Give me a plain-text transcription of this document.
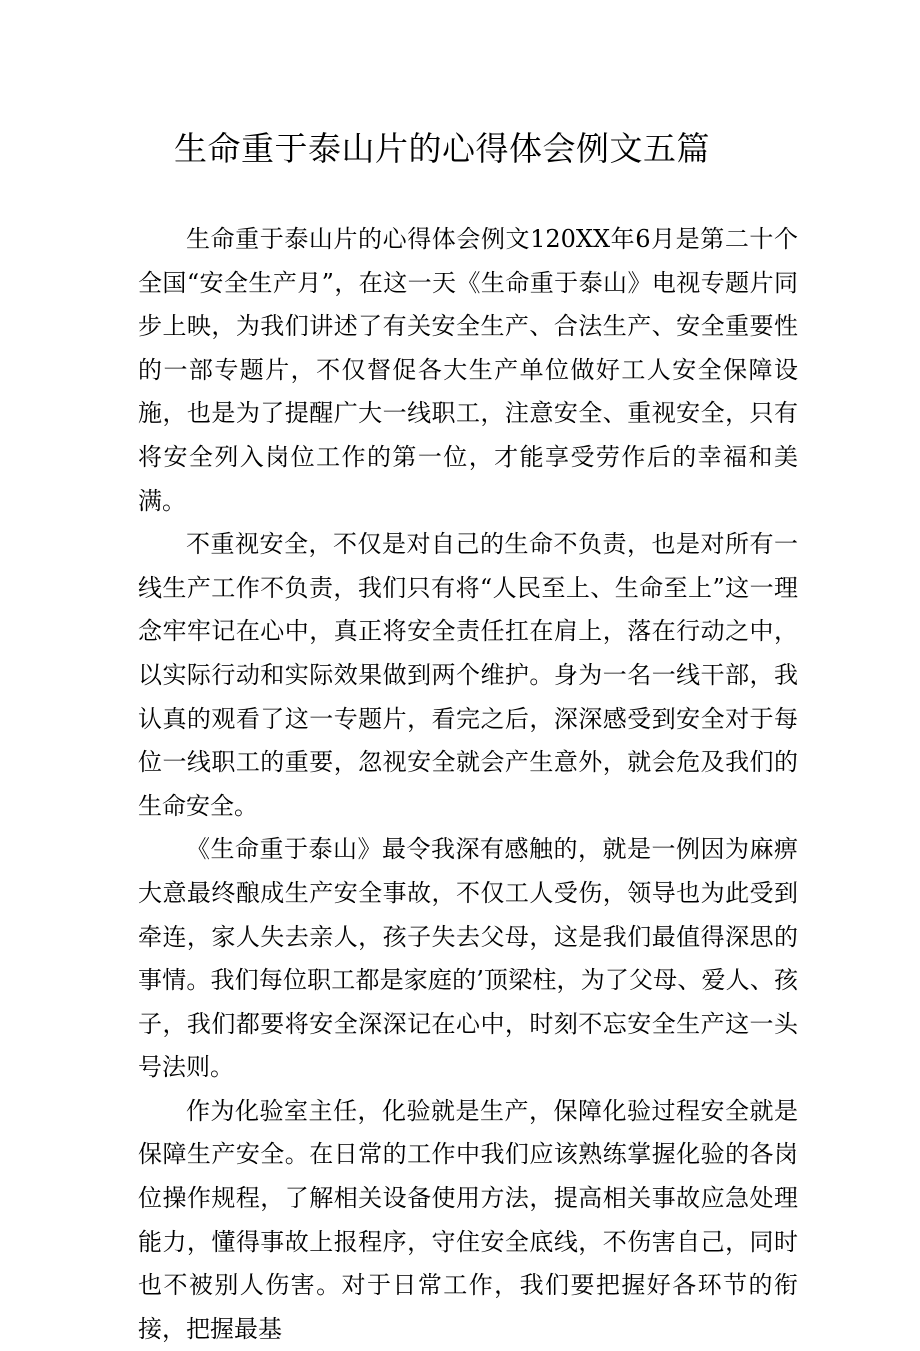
生命重于泰山片的心得体会例文五篇

生命重于泰山片的心得体会例文120XX年6月是第二十个全国“安全生产月”，在这一天《生命重于泰山》电视专题片同步上映，为我们讲述了有关安全生产、合法生产、安全重要性的一部专题片，不仅督促各大生产单位做好工人安全保障设施，也是为了提醒广大一线职工，注意安全、重视安全，只有将安全列入岗位工作的第一位，才能享受劳作后的幸福和美满。

不重视安全，不仅是对自己的生命不负责，也是对所有一线生产工作不负责，我们只有将“人民至上、生命至上”这一理念牢牢记在心中，真正将安全责任扛在肩上，落在行动之中，以实际行动和实际效果做到两个维护。身为一名一线干部，我认真的观看了这一专题片，看完之后，深深感受到安全对于每位一线职工的重要，忽视安全就会产生意外，就会危及我们的生命安全。

《生命重于泰山》最令我深有感触的，就是一例因为麻痹大意最终酿成生产安全事故，不仅工人受伤，领导也为此受到牵连，家人失去亲人，孩子失去父母，这是我们最值得深思的事情。我们每位职工都是家庭的’顶梁柱，为了父母、爱人、孩子，我们都要将安全深深记在心中，时刻不忘安全生产这一头号法则。

作为化验室主任，化验就是生产，保障化验过程安全就是保障生产安全。在日常的工作中我们应该熟练掌握化验的各岗位操作规程，了解相关设备使用方法，提高相关事故应急处理能力，懂得事故上报程序，守住安全底线，不伤害自己，同时也不被别人伤害。对于日常工作，我们要把握好各环节的衔接，把握最基
